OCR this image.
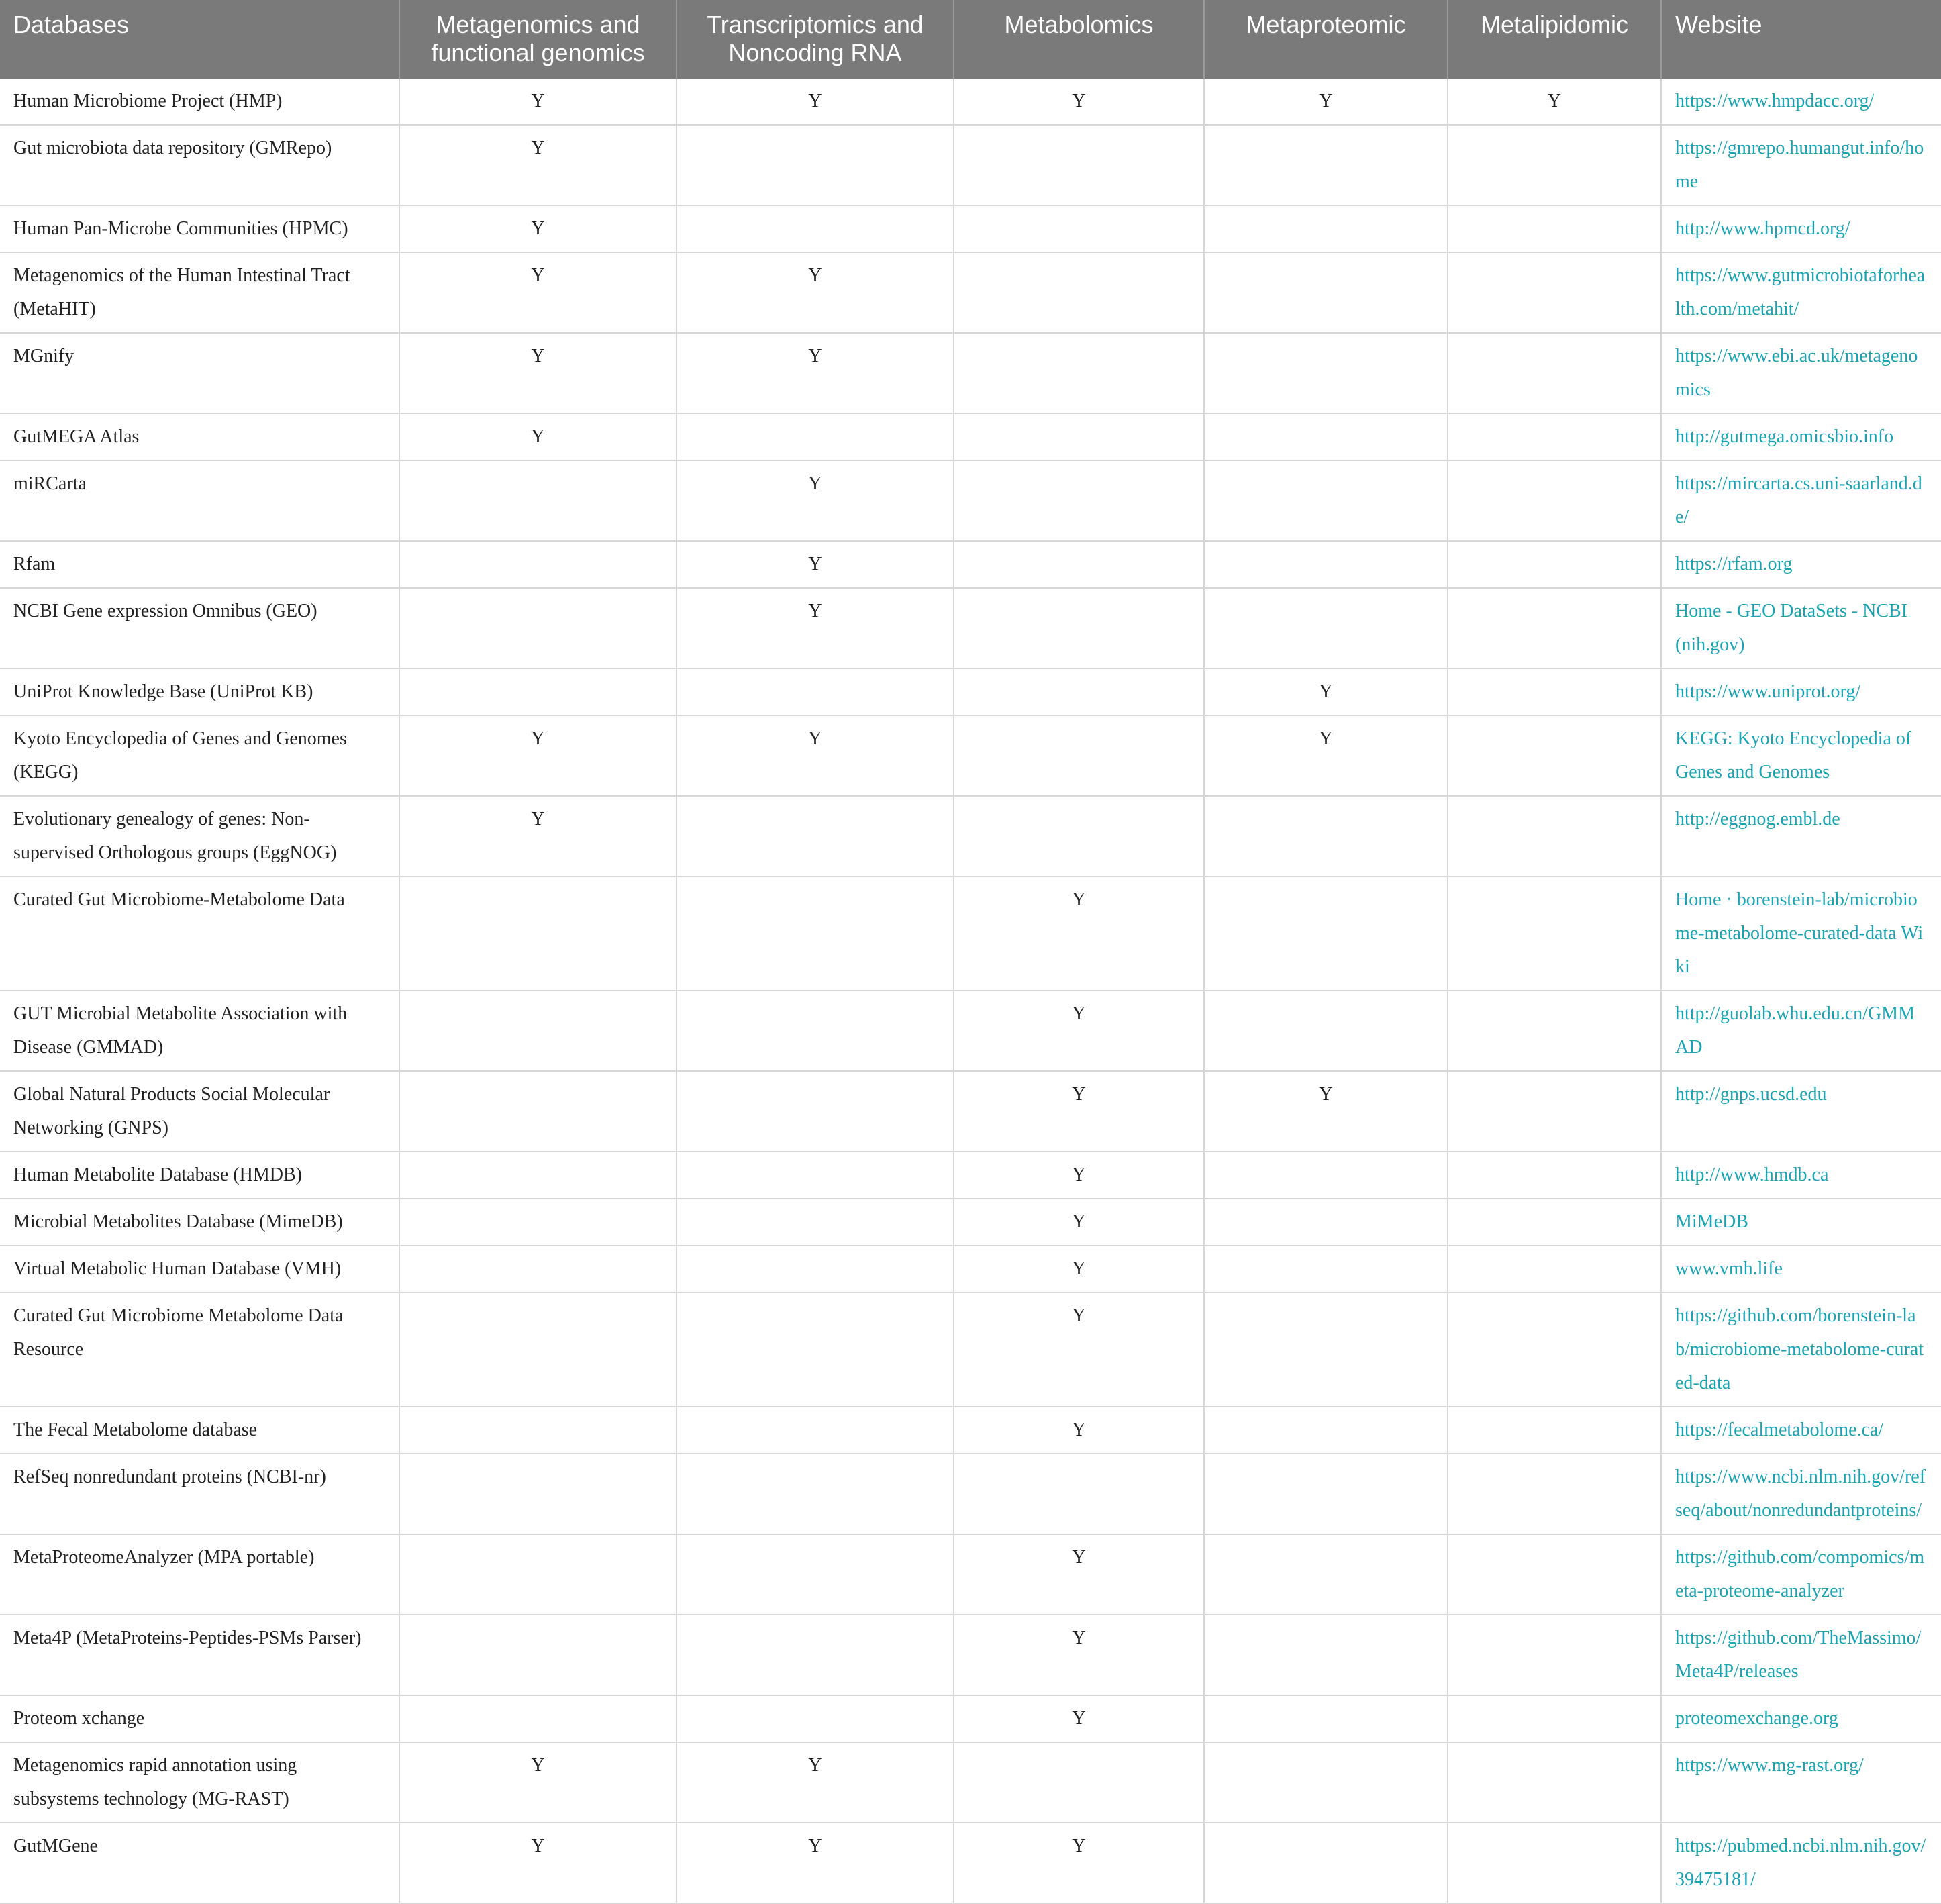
Databases	Metagenomics and functional genomics	Transcriptomics and Noncoding RNA	Metabolomics	Metaproteomic	Metalipidomic	Website
Human Microbiome Project (HMP)	Y	Y	Y	Y	Y	https://www.hmpdacc.org/
Gut microbiota data repository (GMRepo)	Y					https://gmrepo.humangut.info/home
Human Pan-Microbe Communities (HPMC)	Y					http://www.hpmcd.org/
Metagenomics of the Human Intestinal Tract (MetaHIT)	Y	Y				https://www.gutmicrobiotaforhealth.com/metahit/
MGnify	Y	Y				https://www.ebi.ac.uk/metagenomics
GutMEGA Atlas	Y					http://gutmega.omicsbio.info
miRCarta		Y				https://mircarta.cs.uni-saarland.de/
Rfam		Y				https://rfam.org
NCBI Gene expression Omnibus (GEO)		Y				Home - GEO DataSets - NCBI (nih.gov)
UniProt Knowledge Base (UniProt KB)				Y		https://www.uniprot.org/
Kyoto Encyclopedia of Genes and Genomes (KEGG)	Y	Y		Y		KEGG: Kyoto Encyclopedia of Genes and Genomes
Evolutionary genealogy of genes: Non-supervised Orthologous groups (EggNOG)	Y					http://eggnog.embl.de
Curated Gut Microbiome-Metabolome Data			Y			Home · borenstein-lab/microbiome-metabolome-curated-data Wiki
GUT Microbial Metabolite Association with Disease (GMMAD)			Y			http://guolab.whu.edu.cn/GMMAD
Global Natural Products Social Molecular Networking (GNPS)			Y	Y		http://gnps.ucsd.edu
Human Metabolite Database (HMDB)			Y			http://www.hmdb.ca
Microbial Metabolites Database (MimeDB)			Y			MiMeDB
Virtual Metabolic Human Database (VMH)			Y			www.vmh.life
Curated Gut Microbiome Metabolome Data Resource			Y			https://github.com/borenstein-lab/microbiome-metabolome-curated-data
The Fecal Metabolome database			Y			https://fecalmetabolome.ca/
RefSeq nonredundant proteins (NCBI-nr)						https://www.ncbi.nlm.nih.gov/refseq/about/nonredundantproteins/
MetaProteomeAnalyzer (MPA portable)			Y			https://github.com/compomics/meta-proteome-analyzer
Meta4P (MetaProteins-Peptides-PSMs Parser)			Y			https://github.com/TheMassimo/Meta4P/releases
Proteom xchange			Y			proteomexchange.org
Metagenomics rapid annotation using subsystems technology (MG-RAST)	Y	Y				https://www.mg-rast.org/
GutMGene	Y	Y	Y			https://pubmed.ncbi.nlm.nih.gov/39475181/
